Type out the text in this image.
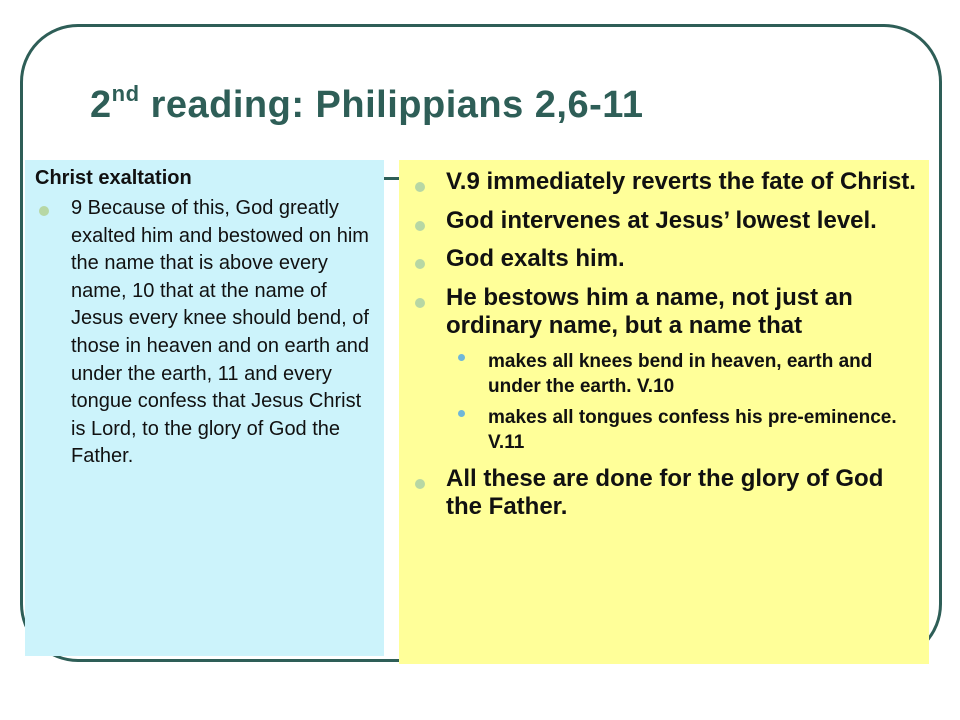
2nd reading: Philippians 2,6-11

Christ exaltation

9 Because of this, God greatly exalted him and bestowed on him the name that is above every name, 10 that at the name of Jesus every knee should bend, of those in heaven and on earth and under the earth, 11 and every tongue confess that Jesus Christ is Lord, to the glory of God the Father.
V.9 immediately reverts the fate of Christ.
God intervenes at Jesus’ lowest level.
God exalts him.
He bestows him a name, not just an ordinary name, but a name that
makes all knees bend in heaven, earth and under the earth. V.10
makes all tongues confess his pre-eminence. V.11
All these are done for the glory of God the Father.
